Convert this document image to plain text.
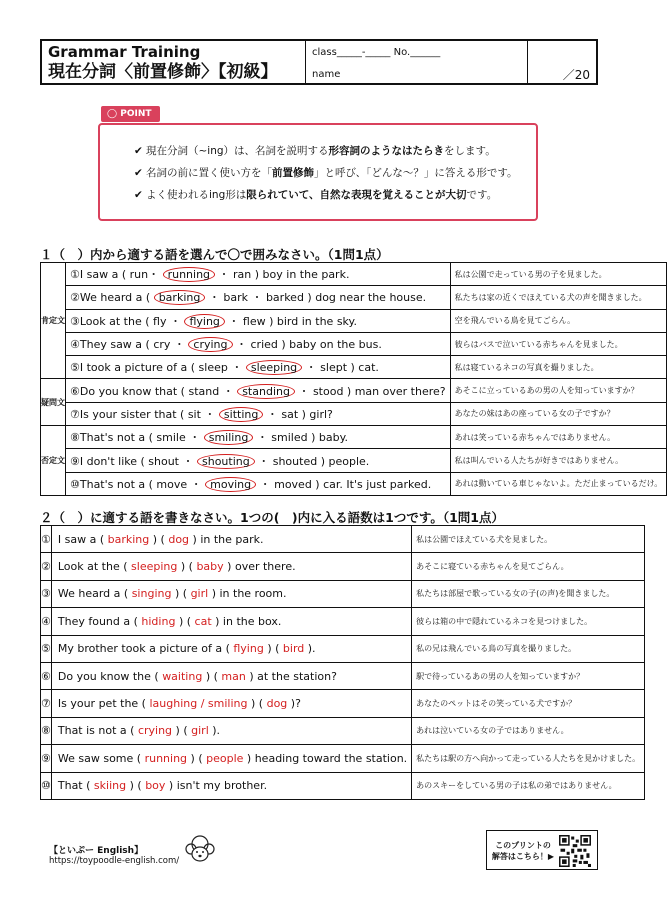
Grammar Training
現在分詞〈前置修飾〉【初級】
class_____-_____ No.______
name	／20
◯ POINT
✔ 現在分詞（~ing）は、名詞を説明する形容詞のようなはたらきをします。
✔ 名詞の前に置く使い方を「前置修飾」と呼び、「どんな～？」に答える形です。
✔ よく使われるing形は限られていて、自然な表現を覚えることが大切です。
１（　）内から適する語を選んで〇で囲みなさい。（1問1点）
肯定文	①I saw a ( run・ running ・ ran ) boy in the park.	私は公園で走っている男の子を見ました。
	②We heard a ( barking ・ bark ・ barked ) dog near the house.	私たちは家の近くでほえている犬の声を聞きました。
	③Look at the ( fly ・ flying ・ flew ) bird in the sky.	空を飛んでいる鳥を見てごらん。
	④They saw a ( cry ・ crying ・ cried ) baby on the bus.	彼らはバスで泣いている赤ちゃんを見ました。
	⑤I took a picture of a ( sleep ・ sleeping ・ slept ) cat.	私は寝ているネコの写真を撮りました。
疑問文	⑥Do you know that ( stand ・ standing ・ stood ) man over there?	あそこに立っているあの男の人を知っていますか？
	⑦Is your sister that ( sit ・ sitting ・ sat ) girl?	あなたの妹はあの座っている女の子ですか？
否定文	⑧That's not a ( smile ・ smiling ・ smiled ) baby.	あれは笑っている赤ちゃんではありません。
	⑨I don't like ( shout ・ shouting ・ shouted ) people.	私は叫んでいる人たちが好きではありません。
	⑩That's not a ( move ・ moving ・ moved ) car. It's just parked.	あれは動いている車じゃないよ。ただ止まっているだけ。
２（　）に適する語を書きなさい。1つの(　)内に入る語数は1つです。（1問1点）
①	I saw a ( barking ) ( dog ) in the park.	私は公園でほえている犬を見ました。
②	Look at the ( sleeping ) ( baby ) over there.	あそこに寝ている赤ちゃんを見てごらん。
③	We heard a ( singing ) ( girl ) in the room.	私たちは部屋で歌っている女の子(の声)を聞きました。
④	They found a ( hiding ) ( cat ) in the box.	彼らは箱の中で隠れているネコを見つけました。
⑤	My brother took a picture of a ( flying ) ( bird ).	私の兄は飛んでいる鳥の写真を撮りました。
⑥	Do you know the ( waiting ) ( man ) at the station?	駅で待っているあの男の人を知っていますか？
⑦	Is your pet the ( laughing / smiling ) ( dog )?	あなたのペットはその笑っている犬ですか？
⑧	That is not a ( crying ) ( girl ).	あれは泣いている女の子ではありません。
⑨	We saw some ( running ) ( people ) heading toward the station.	私たちは駅の方へ向かって走っている人たちを見かけました。
⑩	That ( skiing ) ( boy ) isn't my brother.	あのスキーをしている男の子は私の弟ではありません。
【といぷー English】
https://toypoodle-english.com/
このプリントの
解答はこちら！▶
